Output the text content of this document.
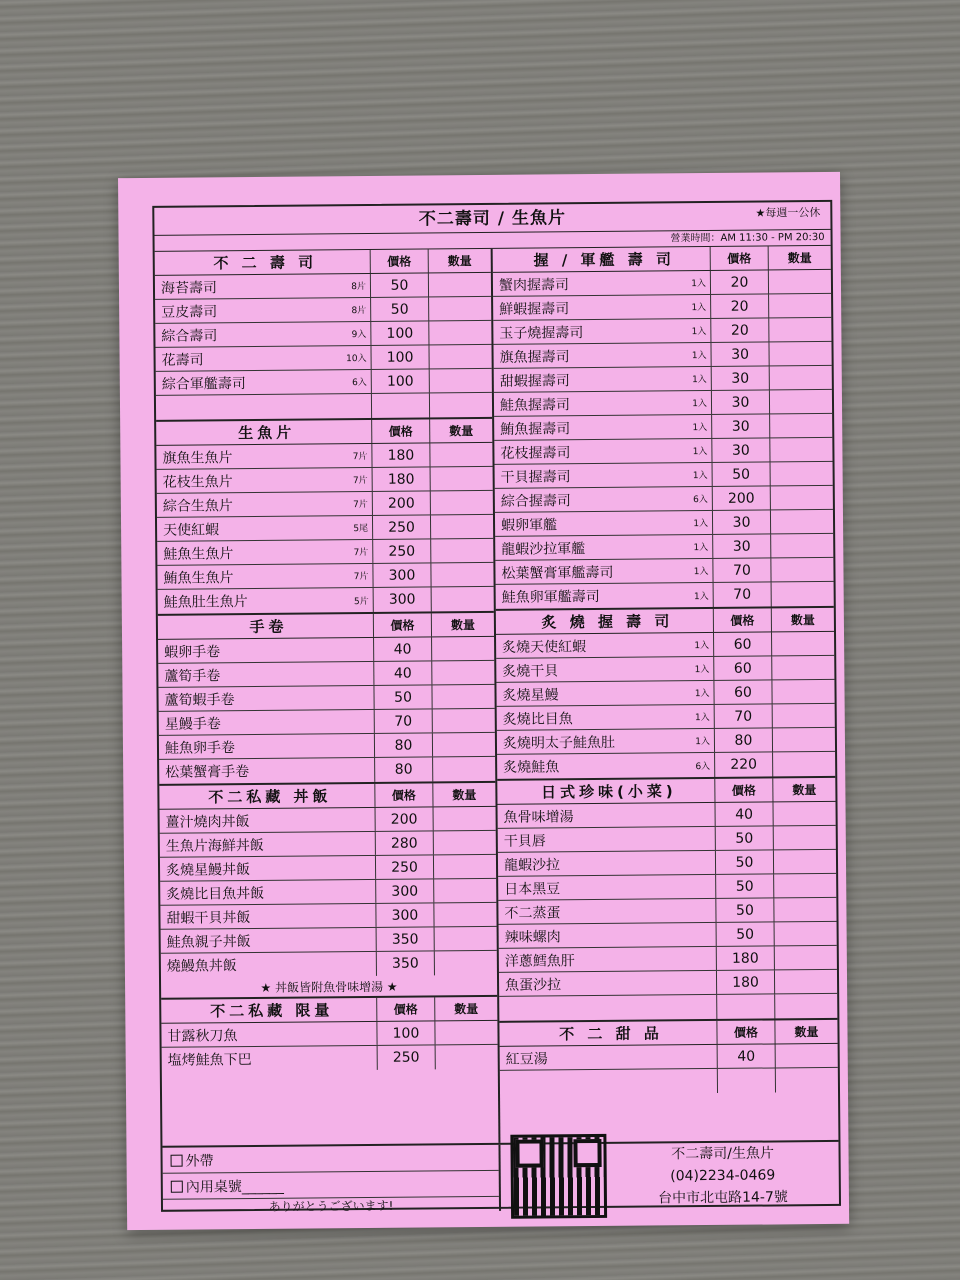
不二壽司 / 生魚片	★每週一公休
營業時間：AM 11:30 - PM 20:30
不 二 壽 司	價格	數量
海苔壽司	8片	50
豆皮壽司	8片	50
綜合壽司	9入	100
花壽司	10入	100
綜合軍艦壽司	6入	100
生魚片	價格	數量
旗魚生魚片	7片	180
花枝生魚片	7片	180
綜合生魚片	7片	200
天使紅蝦	5尾	250
鮭魚生魚片	7片	250
鮪魚生魚片	7片	300
鮭魚肚生魚片	5片	300
手卷	價格	數量
蝦卵手卷	40
蘆筍手卷	40
蘆筍蝦手卷	50
星鰻手卷	70
鮭魚卵手卷	80
松葉蟹膏手卷	80
不二私藏 丼飯	價格	數量
薑汁燒肉丼飯	200
生魚片海鮮丼飯	280
炙燒星鰻丼飯	250
炙燒比目魚丼飯	300
甜蝦干貝丼飯	300
鮭魚親子丼飯	350
燒鰻魚丼飯	350
★ 丼飯皆附魚骨味增湯 ★
不二私藏 限量	價格	數量
甘露秋刀魚	100
塩烤鮭魚下巴	250
握 / 軍艦 壽 司	價格	數量
蟹肉握壽司	1入	20
鮮蝦握壽司	1入	20
玉子燒握壽司	1入	20
旗魚握壽司	1入	30
甜蝦握壽司	1入	30
鮭魚握壽司	1入	30
鮪魚握壽司	1入	30
花枝握壽司	1入	30
干貝握壽司	1入	50
綜合握壽司	6入	200
蝦卵軍艦	1入	30
龍蝦沙拉軍艦	1入	30
松葉蟹膏軍艦壽司	1入	70
鮭魚卵軍艦壽司	1入	70
炙 燒 握 壽 司	價格	數量
炙燒天使紅蝦	1入	60
炙燒干貝	1入	60
炙燒星鰻	1入	60
炙燒比目魚	1入	70
炙燒明太子鮭魚肚	1入	80
炙燒鮭魚	6入	220
日式珍味(小菜)	價格	數量
魚骨味增湯	40
干貝唇	50
龍蝦沙拉	50
日本黑豆	50
不二蒸蛋	50
辣味螺肉	50
洋蔥鱈魚肝	180
魚蛋沙拉	180
不 二 甜 品	價格	數量
紅豆湯	40
外帶
內用桌號______
ありがとうございます!
不二壽司/生魚片
(04)2234-0469
台中市北屯路14-7號
